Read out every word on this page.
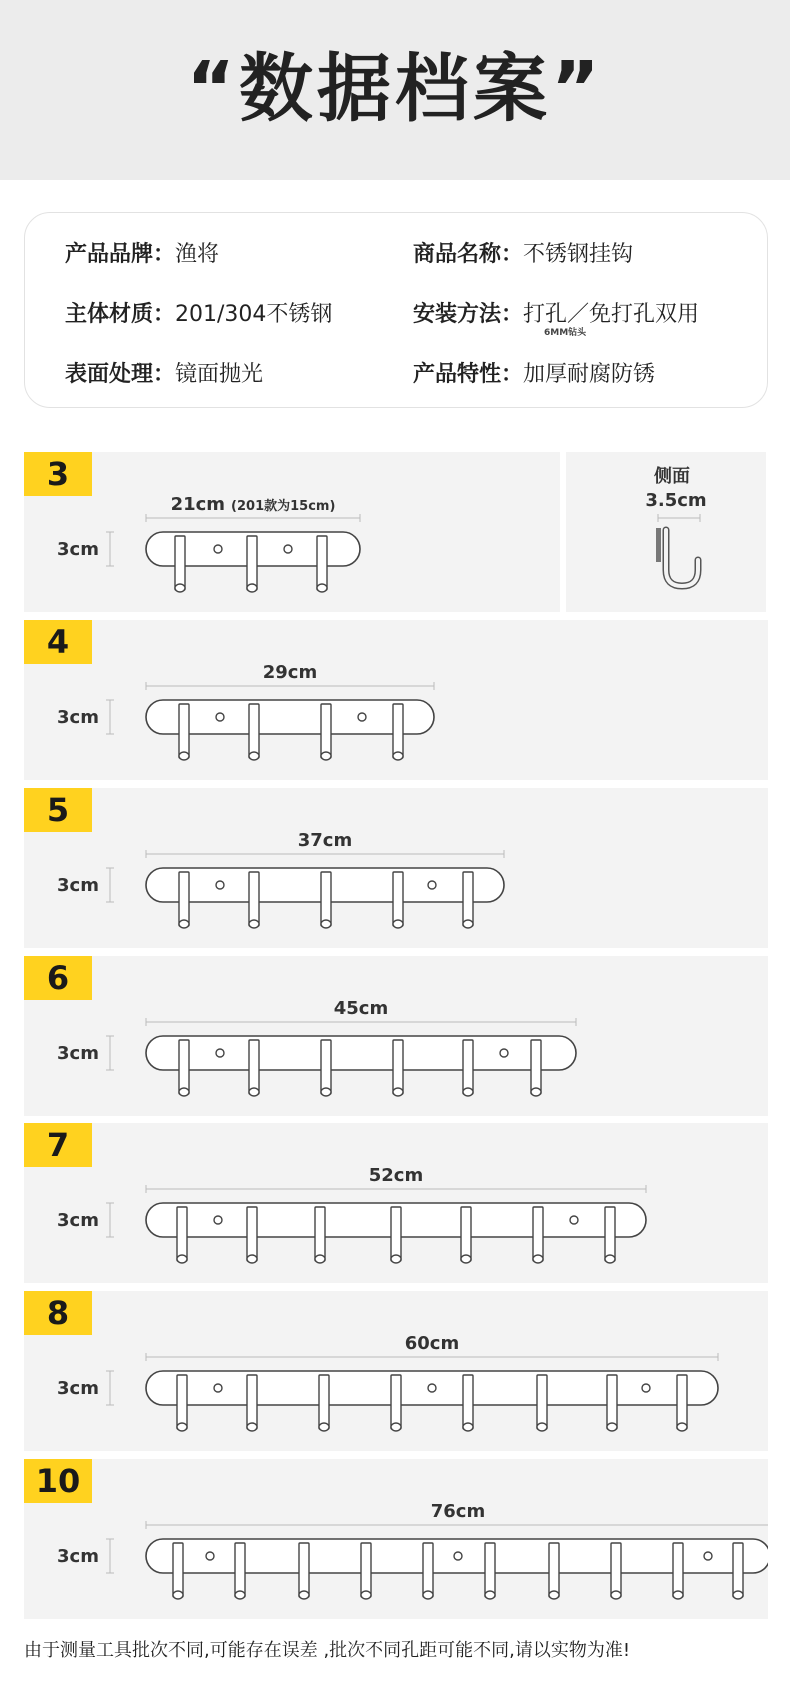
“数据档案”
产品品牌：渔将	商品名称：不锈钢挂钩
主体材质：201/304不锈钢	安装方法：打孔／免打孔双用
6MM钻头
表面处理：镜面抛光	产品特性：加厚耐腐防锈
侧面
3.5cm
21cm (201款为15cm)
3cm
3
29cm
3cm
4
37cm
3cm
5
45cm
3cm
6
52cm
3cm
7
60cm
3cm
8
76cm
3cm
10
由于测量工具批次不同,可能存在误差 ,批次不同孔距可能不同,请以实物为准!
